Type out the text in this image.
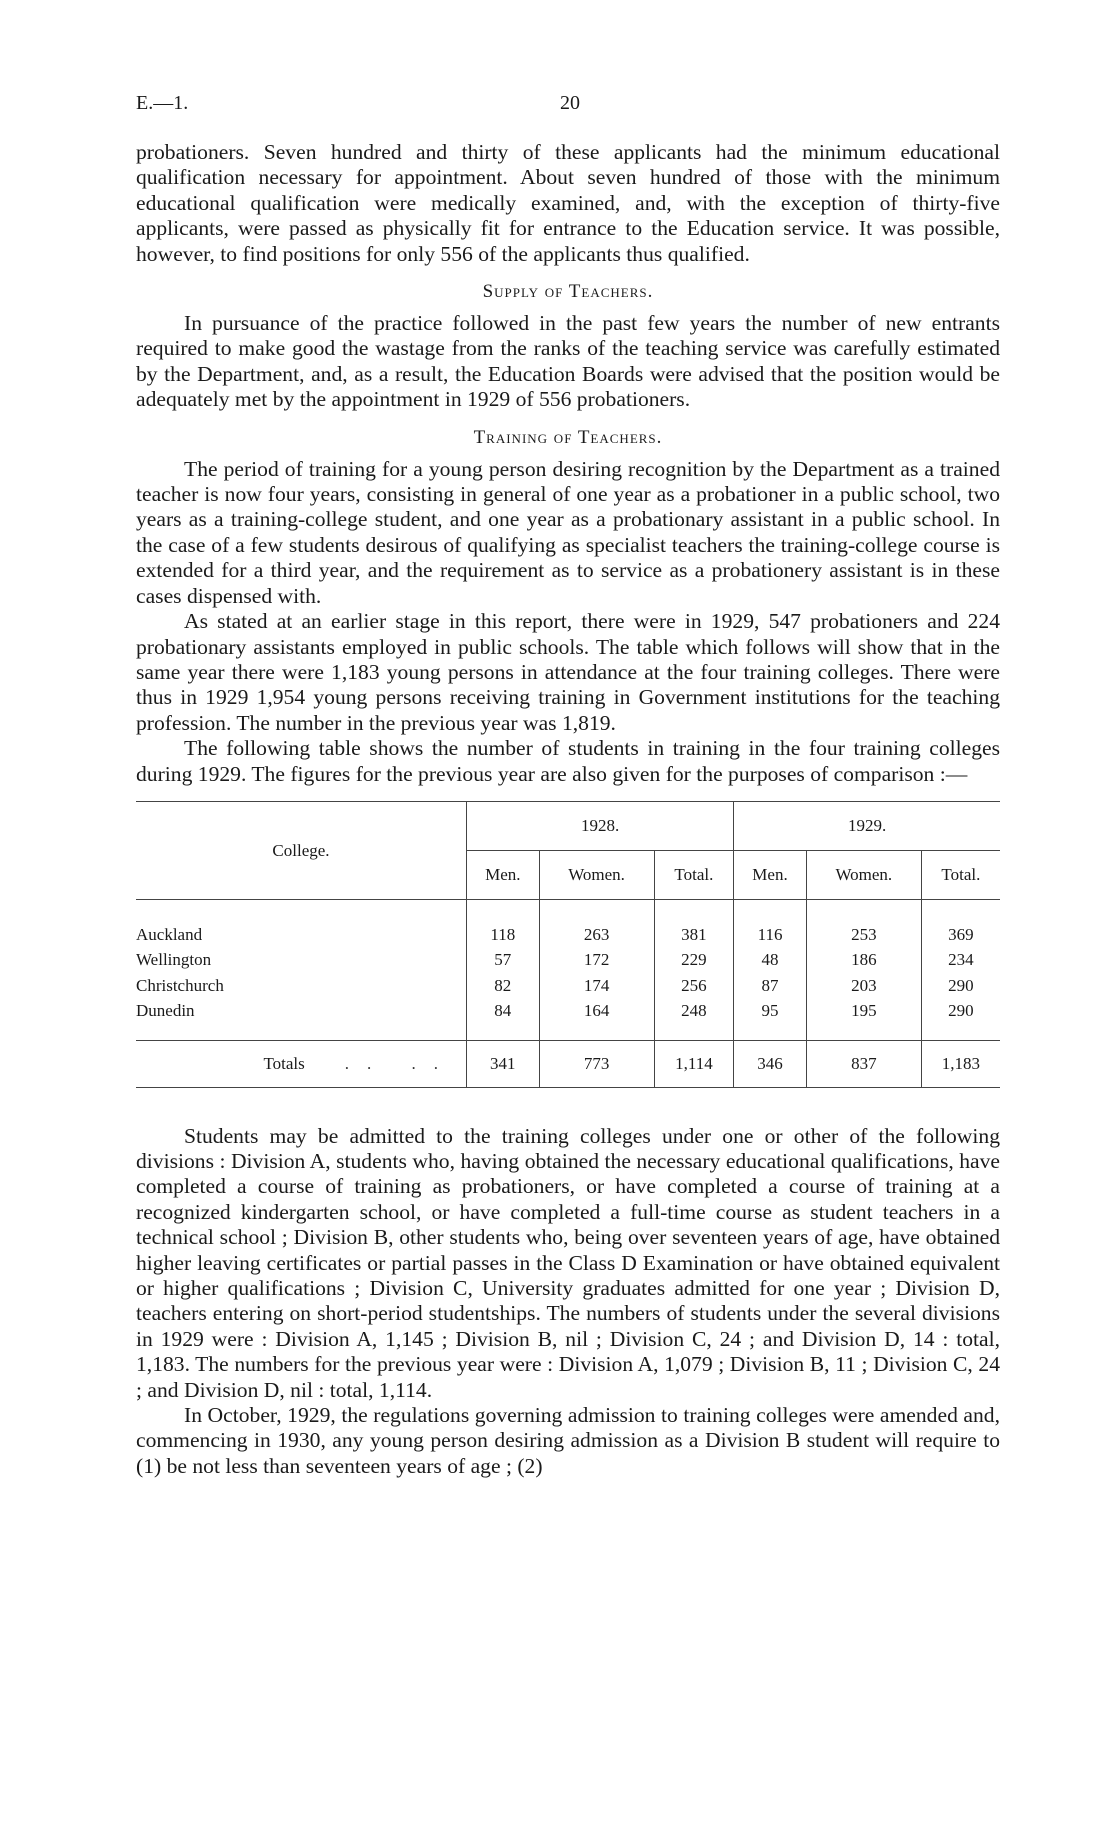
E.—1.	20

probationers. Seven hundred and thirty of these applicants had the minimum educational qualification necessary for appointment. About seven hundred of those with the minimum educational qualification were medically examined, and, with the exception of thirty-five applicants, were passed as physically fit for entrance to the Education service. It was possible, however, to find positions for only 556 of the applicants thus qualified.

Supply of Teachers.

In pursuance of the practice followed in the past few years the number of new entrants required to make good the wastage from the ranks of the teaching service was carefully estimated by the Department, and, as a result, the Education Boards were advised that the position would be adequately met by the appointment in 1929 of 556 probationers.

Training of Teachers.

The period of training for a young person desiring recognition by the Department as a trained teacher is now four years, consisting in general of one year as a probationer in a public school, two years as a training-college student, and one year as a probationary assistant in a public school. In the case of a few students desirous of qualifying as specialist teachers the training-college course is extended for a third year, and the requirement as to service as a probationery assistant is in these cases dispensed with.

As stated at an earlier stage in this report, there were in 1929, 547 probationers and 224 probationary assistants employed in public schools. The table which follows will show that in the same year there were 1,183 young persons in attendance at the four training colleges. There were thus in 1929 1,954 young persons receiving training in Government institutions for the teaching profession. The number in the previous year was 1,819.

The following table shows the number of students in training in the four training colleges during 1929. The figures for the previous year are also given for the purposes of comparison :—

College.	1928.			1929.		
	Men.	Women.	Total.	Men.	Women.	Total.
Auckland	118	263	381	116	253	369
Wellington	57	172	229	48	186	234
Christchurch	82	174	256	87	203	290
Dunedin	84	164	248	95	195	290
Totals .. ..	341	773	1,114	346	837	1,183

Students may be admitted to the training colleges under one or other of the following divisions : Division A, students who, having obtained the necessary educational qualifications, have completed a course of training as probationers, or have completed a course of training at a recognized kindergarten school, or have completed a full-time course as student teachers in a technical school ; Division B, other students who, being over seventeen years of age, have obtained higher leaving certificates or partial passes in the Class D Examination or have obtained equivalent or higher qualifications ; Division C, University graduates admitted for one year ; Division D, teachers entering on short-period studentships. The numbers of students under the several divisions in 1929 were : Division A, 1,145 ; Division B, nil ; Division C, 24 ; and Division D, 14 : total, 1,183. The numbers for the previous year were : Division A, 1,079 ; Division B, 11 ; Division C, 24 ; and Division D, nil : total, 1,114.

In October, 1929, the regulations governing admission to training colleges were amended and, commencing in 1930, any young person desiring admission as a Division B student will require to (1) be not less than seventeen years of age ; (2)
